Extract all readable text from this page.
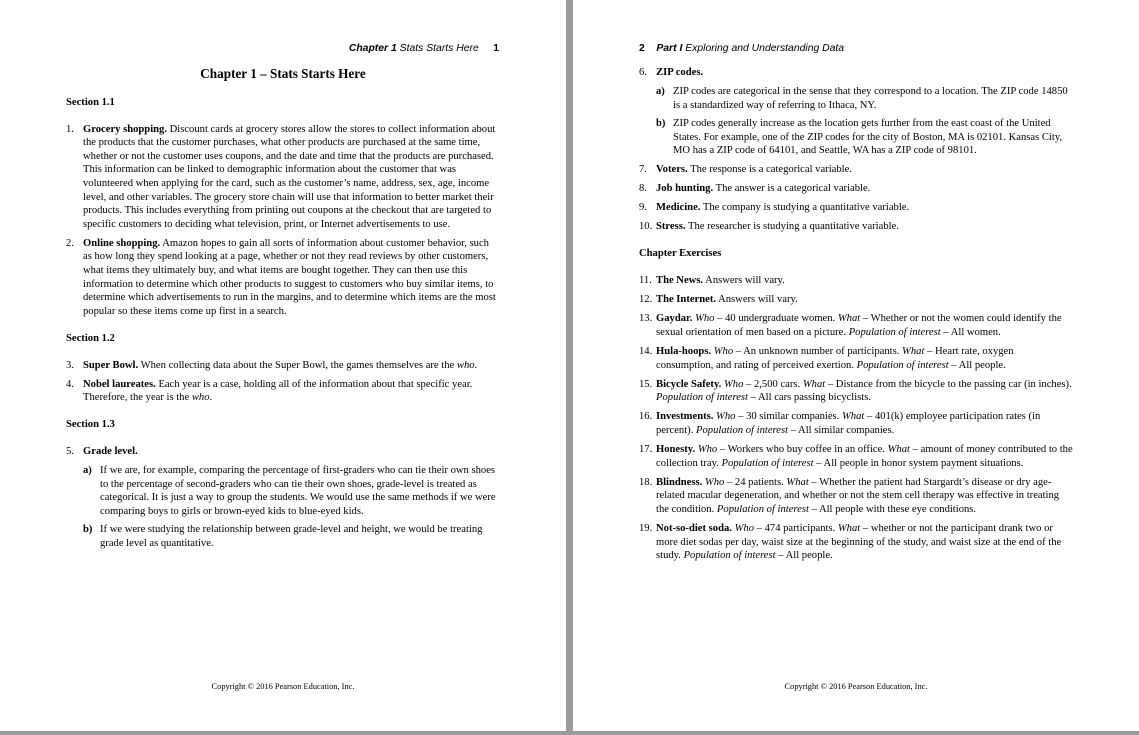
Chapter 1 Stats Starts Here 1
Chapter 1 – Stats Starts Here
Section 1.1
1. Grocery shopping. Discount cards at grocery stores allow the stores to collect information about the products that the customer purchases, what other products are purchased at the same time, whether or not the customer uses coupons, and the date and time that the products are purchased. This information can be linked to demographic information about the customer that was volunteered when applying for the card, such as the customer’s name, address, sex, age, income level, and other variables. The grocery store chain will use that information to better market their products. This includes everything from printing out coupons at the checkout that are targeted to specific customers to deciding what television, print, or Internet advertisements to use.
2. Online shopping. Amazon hopes to gain all sorts of information about customer behavior, such as how long they spend looking at a page, whether or not they read reviews by other customers, what items they ultimately buy, and what items are bought together. They can then use this information to determine which other products to suggest to customers who buy similar items, to determine which advertisements to run in the margins, and to determine which items are the most popular so these items come up first in a search.
Section 1.2
3. Super Bowl. When collecting data about the Super Bowl, the games themselves are the who.
4. Nobel laureates. Each year is a case, holding all of the information about that specific year. Therefore, the year is the who.
Section 1.3
5. Grade level.
a) If we are, for example, comparing the percentage of first-graders who can tie their own shoes to the percentage of second-graders who can tie their own shoes, grade-level is treated as categorical. It is just a way to group the students. We would use the same methods if we were comparing boys to girls or brown-eyed kids to blue-eyed kids.
b) If we were studying the relationship between grade-level and height, we would be treating grade level as quantitative.
Copyright © 2016 Pearson Education, Inc.
2 Part I Exploring and Understanding Data
6. ZIP codes.
a) ZIP codes are categorical in the sense that they correspond to a location. The ZIP code 14850 is a standardized way of referring to Ithaca, NY.
b) ZIP codes generally increase as the location gets further from the east coast of the United States. For example, one of the ZIP codes for the city of Boston, MA is 02101. Kansas City, MO has a ZIP code of 64101, and Seattle, WA has a ZIP code of 98101.
7. Voters. The response is a categorical variable.
8. Job hunting. The answer is a categorical variable.
9. Medicine. The company is studying a quantitative variable.
10. Stress. The researcher is studying a quantitative variable.
Chapter Exercises
11. The News. Answers will vary.
12. The Internet. Answers will vary.
13. Gaydar. Who – 40 undergraduate women. What – Whether or not the women could identify the sexual orientation of men based on a picture. Population of interest – All women.
14. Hula-hoops. Who – An unknown number of participants. What – Heart rate, oxygen consumption, and rating of perceived exertion. Population of interest – All people.
15. Bicycle Safety. Who – 2,500 cars. What – Distance from the bicycle to the passing car (in inches). Population of interest – All cars passing bicyclists.
16. Investments. Who – 30 similar companies. What – 401(k) employee participation rates (in percent). Population of interest – All similar companies.
17. Honesty. Who – Workers who buy coffee in an office. What – amount of money contributed to the collection tray. Population of interest – All people in honor system payment situations.
18. Blindness. Who – 24 patients. What – Whether the patient had Stargardt’s disease or dry age-related macular degeneration, and whether or not the stem cell therapy was effective in treating the condition. Population of interest – All people with these eye conditions.
19. Not-so-diet soda. Who – 474 participants. What – whether or not the participant drank two or more diet sodas per day, waist size at the beginning of the study, and waist size at the end of the study. Population of interest – All people.
Copyright © 2016 Pearson Education, Inc.
